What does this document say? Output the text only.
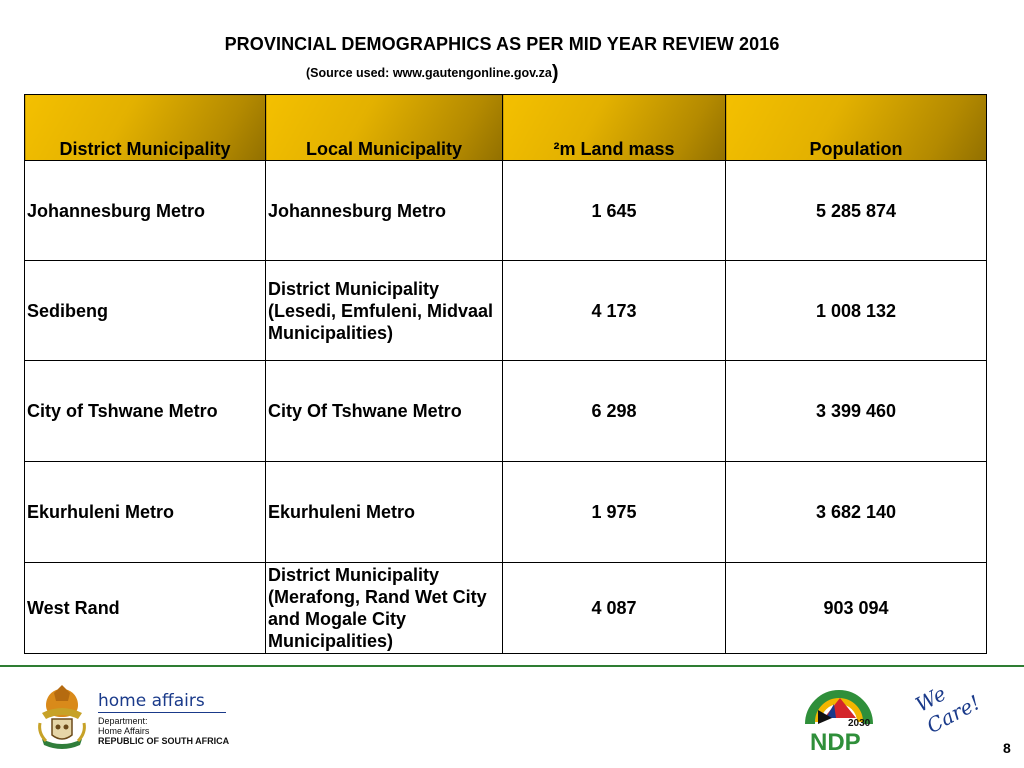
PROVINCIAL DEMOGRAPHICS AS PER MID YEAR REVIEW 2016
(Source used: www.gautengonline.gov.za)
District Municipality	Local Municipality	²m Land mass	Population
Johannesburg Metro	Johannesburg Metro	1 645	5 285 874
Sedibeng	District Municipality (Lesedi, Emfuleni, Midvaal Municipalities)	4 173	1 008 132
City of Tshwane Metro	City Of Tshwane Metro	6 298	3 399 460
Ekurhuleni Metro	Ekurhuleni Metro	1 975	3 682 140
West Rand	District Municipality (Merafong, Rand Wet City and Mogale City Municipalities)	4 087	903 094
home affairs
Department:
Home Affairs
REPUBLIC OF SOUTH AFRICA
2030
NDP
We Care!
8
